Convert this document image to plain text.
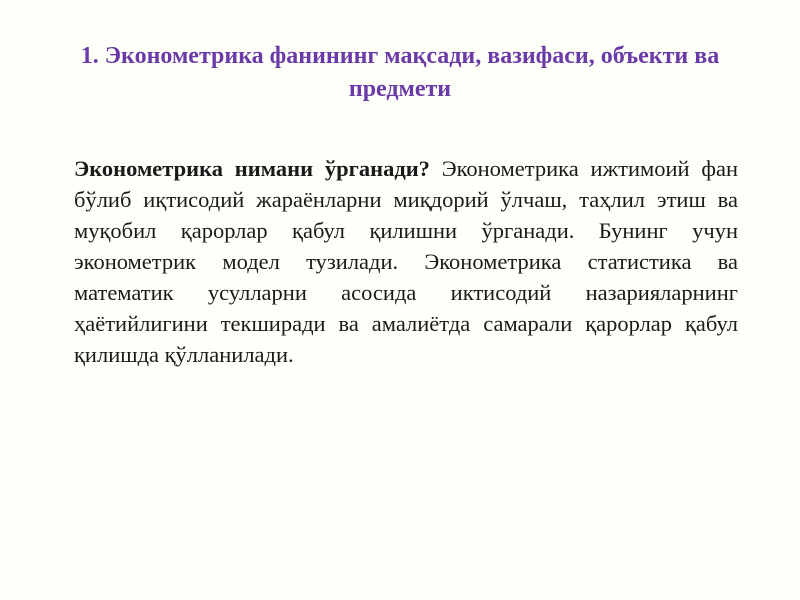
1. Эконометрика фанининг мақсади, вазифаси, объекти ва предмети

Эконометрика нимани ўрганади? Эконометрика ижтимоий фан бўлиб иқтисодий жараёнларни миқдорий ўлчаш, таҳлил этиш ва муқобил қарорлар қабул қилишни ўрганади. Бунинг учун эконометрик модел тузилади. Эконометрика статистика ва математик усулларни асосида иктисодий назарияларнинг ҳаётийлигини текширади ва амалиётда самарали қарорлар қабул қилишда қўлланилади.
